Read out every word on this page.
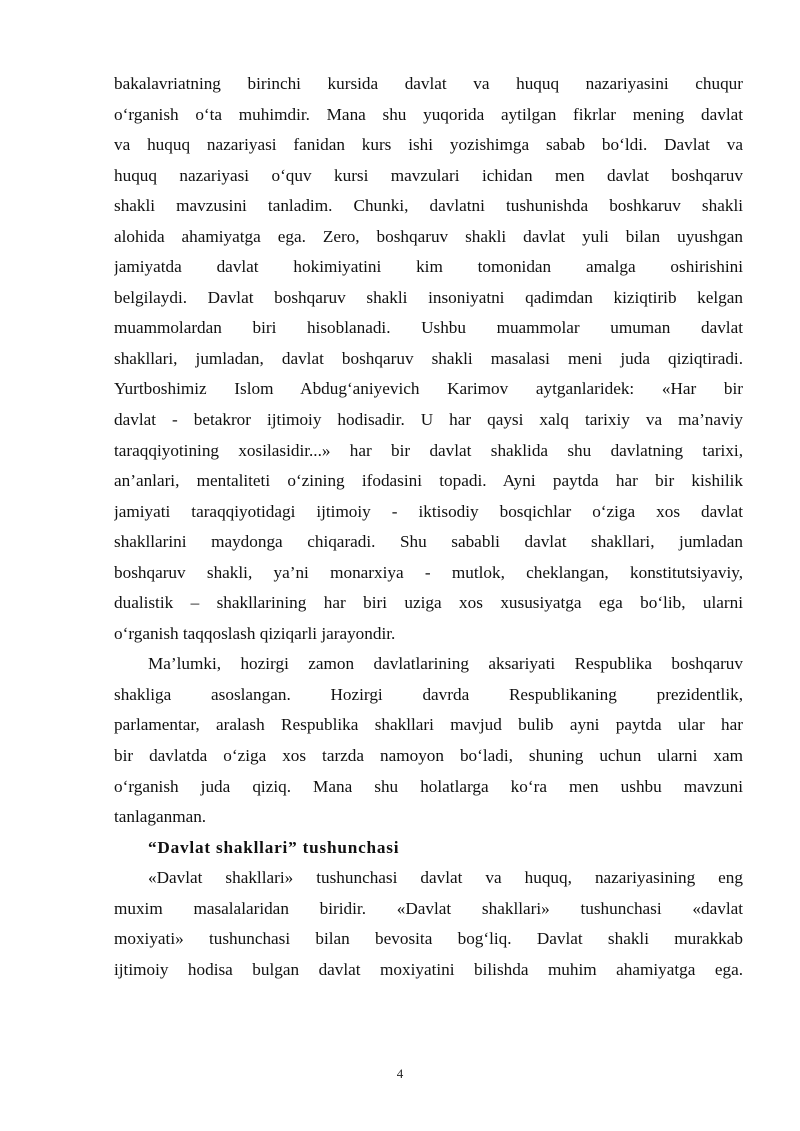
bakalavriatning birinchi kursida davlat va huquq nazariyasini chuqur
o‘rganish o‘ta muhimdir. Mana shu yuqorida aytilgan fikrlar mening davlat
va huquq nazariyasi fanidan kurs ishi yozishimga sabab bo‘ldi. Davlat va
huquq nazariyasi o‘quv kursi mavzulari ichidan men davlat boshqaruv
shakli mavzusini tanladim. Chunki, davlatni tushunishda boshkaruv shakli
alohida ahamiyatga ega. Zero, boshqaruv shakli davlat yuli bilan uyushgan
jamiyatda davlat hokimiyatini kim tomonidan amalga oshirishini
belgilaydi. Davlat boshqaruv shakli insoniyatni qadimdan kiziqtirib kelgan
muammolardan biri hisoblanadi. Ushbu muammolar umuman davlat
shakllari, jumladan, davlat boshqaruv shakli masalasi meni juda qiziqtiradi.
Yurtboshimiz Islom Abdug‘aniyevich Karimov aytganlaridek: «Har bir
davlat - betakror ijtimoiy hodisadir. U har qaysi xalq tarixiy va ma’naviy
taraqqiyotining xosilasidir...» har bir davlat shaklida shu davlatning tarixi,
an’anlari, mentaliteti o‘zining ifodasini topadi. Ayni paytda har bir kishilik
jamiyati taraqqiyotidagi ijtimoiy - iktisodiy bosqichlar o‘ziga xos davlat
shakllarini maydonga chiqaradi. Shu sababli davlat shakllari, jumladan
boshqaruv shakli, ya’ni monarxiya - mutlok, cheklangan, konstitutsiyaviy,
dualistik – shakllarining har biri uziga xos xususiyatga ega bo‘lib, ularni
o‘rganish taqqoslash qiziqarli jarayondir.
Ma’lumki, hozirgi zamon davlatlarining aksariyati Respublika boshqaruv
shakliga asoslangan. Hozirgi davrda Respublikaning prezidentlik,
parlamentar, aralash Respublika shakllari mavjud bulib ayni paytda ular har
bir davlatda o‘ziga xos tarzda namoyon bo‘ladi, shuning uchun ularni xam
o‘rganish juda qiziq. Mana shu holatlarga ko‘ra men ushbu mavzuni
tanlaganman.
“Davlat shakllari” tushunchasi
«Davlat shakllari» tushunchasi davlat va huquq, nazariyasining eng
muxim masalalaridan biridir. «Davlat shakllari» tushunchasi «davlat
moxiyati» tushunchasi bilan bevosita bog‘liq. Davlat shakli murakkab
ijtimoiy hodisa bulgan davlat moxiyatini bilishda muhim ahamiyatga ega.
4
